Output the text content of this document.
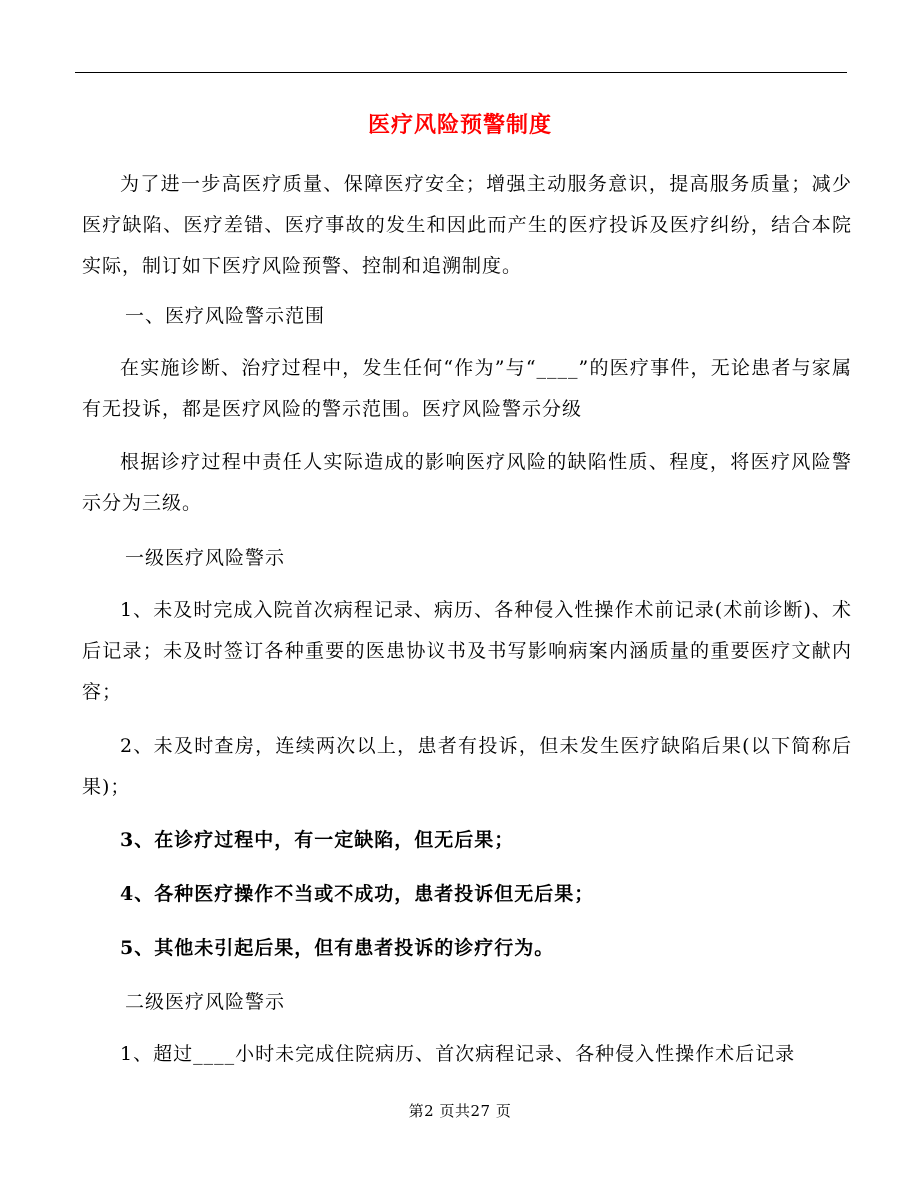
医疗风险预警制度

为了进一步高医疗质量、保障医疗安全；增强主动服务意识，提高服务质量；减少医疗缺陷、医疗差错、医疗事故的发生和因此而产生的医疗投诉及医疗纠纷，结合本院实际，制订如下医疗风险预警、控制和追溯制度。

一、医疗风险警示范围

在实施诊断、治疗过程中，发生任何“作为”与“____”的医疗事件，无论患者与家属有无投诉，都是医疗风险的警示范围。医疗风险警示分级

根据诊疗过程中责任人实际造成的影响医疗风险的缺陷性质、程度，将医疗风险警示分为三级。

一级医疗风险警示

1、未及时完成入院首次病程记录、病历、各种侵入性操作术前记录(术前诊断)、术后记录；未及时签订各种重要的医患协议书及书写影响病案内涵质量的重要医疗文献内容；

2、未及时查房，连续两次以上，患者有投诉，但未发生医疗缺陷后果(以下简称后果)；

3、在诊疗过程中，有一定缺陷，但无后果；

4、各种医疗操作不当或不成功，患者投诉但无后果；

5、其他未引起后果，但有患者投诉的诊疗行为。

二级医疗风险警示

1、超过____小时未完成住院病历、首次病程记录、各种侵入性操作术后记录

第2 页共27 页
